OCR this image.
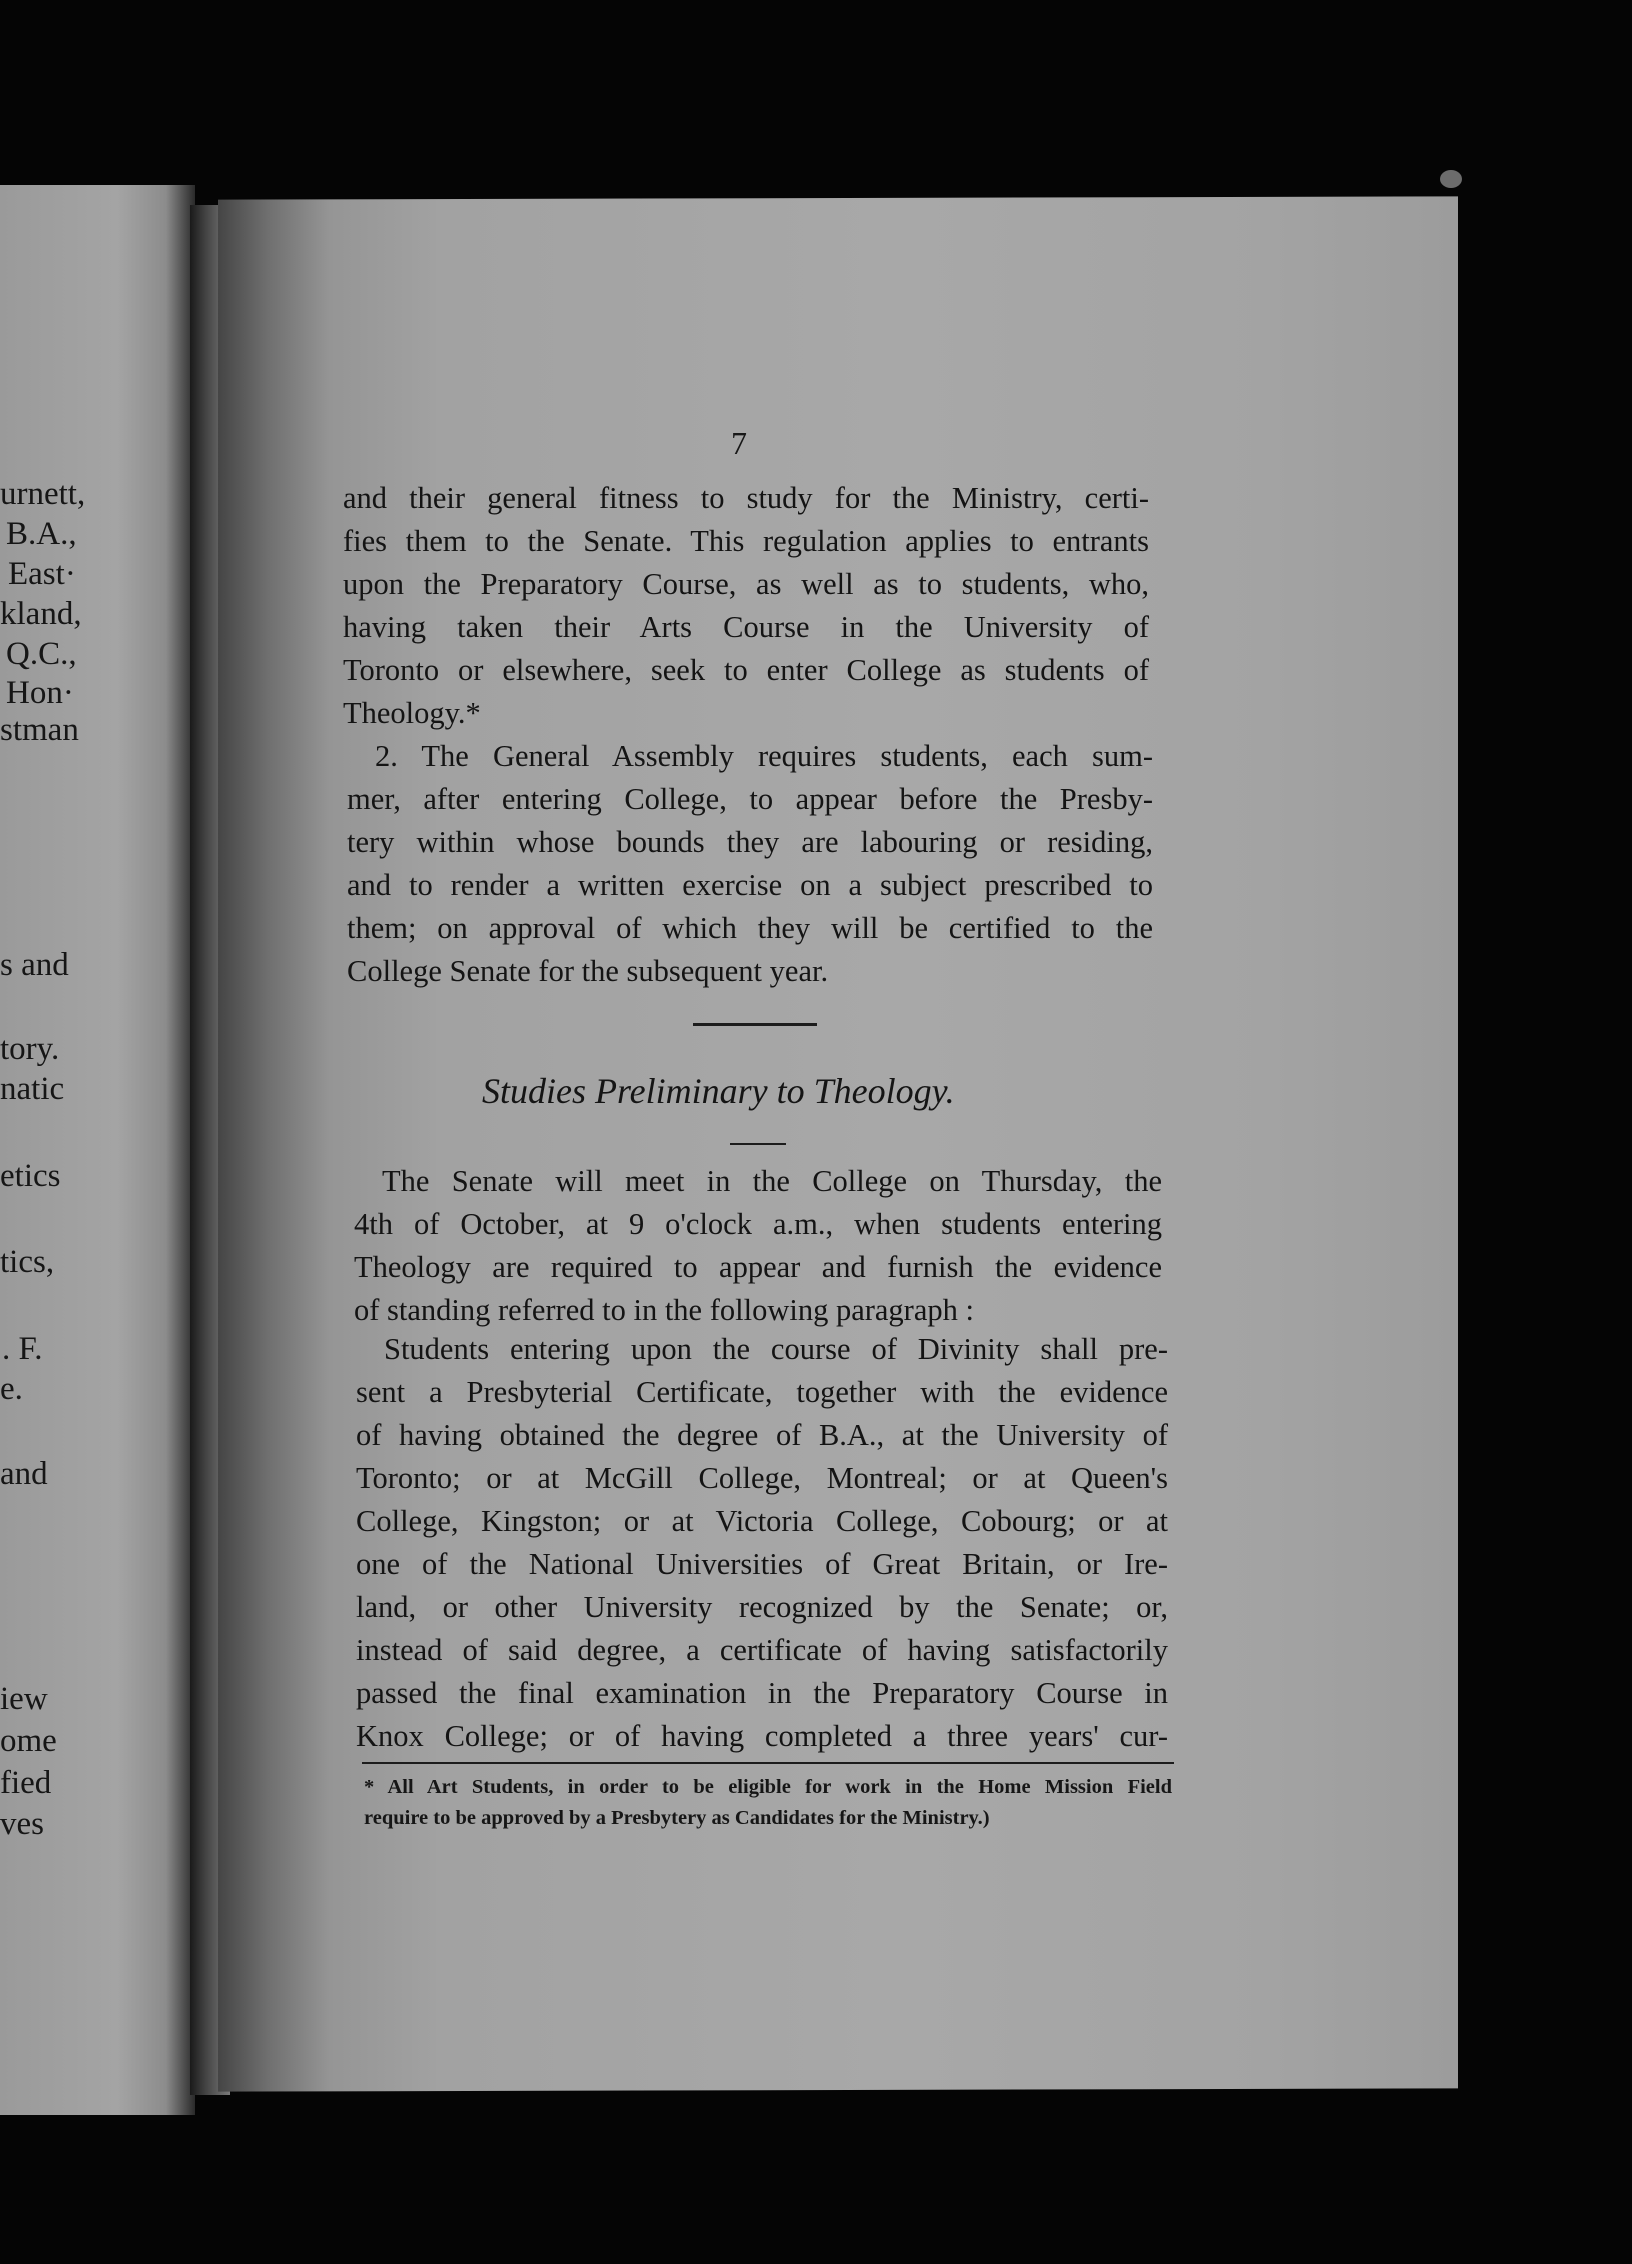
urnett,
B.A.,
East·
kland,
Q.C.,
Hon·
stman
s and
tory.
natic
etics
tics,
. F.
e.
and
iew
ome
fied
ves
7
and their general fitness to study for the Ministry, certi-
fies them to the Senate. This regulation applies to entrants
upon the Preparatory Course, as well as to students, who,
having taken their Arts Course in the University of
Toronto or elsewhere, seek to enter College as students of
Theology.*
2. The General Assembly requires students, each sum-
mer, after entering College, to appear before the Presby-
tery within whose bounds they are labouring or residing,
and to render a written exercise on a subject prescribed to
them; on approval of which they will be certified to the
College Senate for the subsequent year.
Studies Preliminary to Theology.
The Senate will meet in the College on Thursday, the
4th of October, at 9 o'clock a.m., when students entering
Theology are required to appear and furnish the evidence
of standing referred to in the following paragraph :
Students entering upon the course of Divinity shall pre-
sent a Presbyterial Certificate, together with the evidence
of having obtained the degree of B.A., at the University of
Toronto; or at McGill College, Montreal; or at Queen's
College, Kingston; or at Victoria College, Cobourg; or at
one of the National Universities of Great Britain, or Ire-
land, or other University recognized by the Senate; or,
instead of said degree, a certificate of having satisfactorily
passed the final examination in the Preparatory Course in
Knox College; or of having completed a three years' cur-
* All Art Students, in order to be eligible for work in the Home Mission Field
require to be approved by a Presbytery as Candidates for the Ministry.)
